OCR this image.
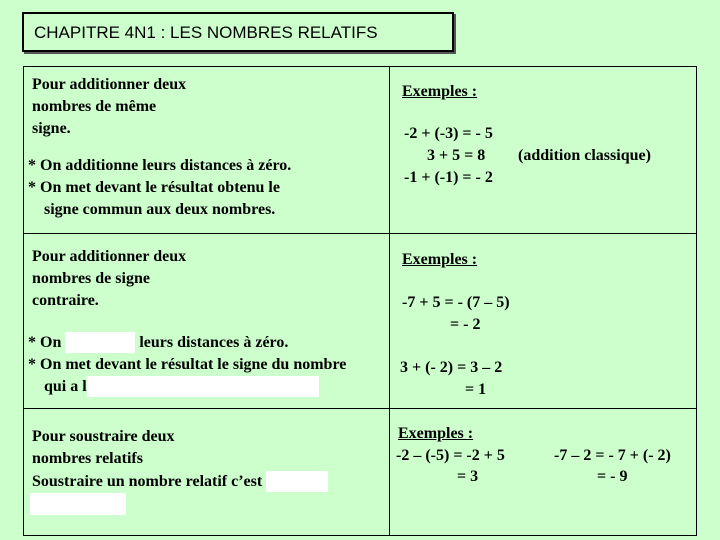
CHAPITRE 4N1 : LES NOMBRES RELATIFS
Pour additionner deux
nombres de même
signe.
* On additionne leurs distances à zéro.
* On met devant le résultat obtenu le
signe commun aux deux nombres.
Exemples :
-2 + (-3) = - 5
3 + 5 = 8 (addition classique)
-1 + (-1) = - 2
Pour additionner deux
nombres de signe
contraire.
* On	leurs distances à zéro.
* On met devant le résultat le signe du nombre
qui a l
Exemples :
-7 + 5 = - (7 – 5)
= - 2
3 + (- 2) = 3 – 2
= 1
Pour soustraire deux
nombres relatifs
Soustraire un nombre relatif c’est
Exemples :
-2 – (-5) = -2 + 5
= 3
-7 – 2 = - 7 + (- 2)
= - 9
